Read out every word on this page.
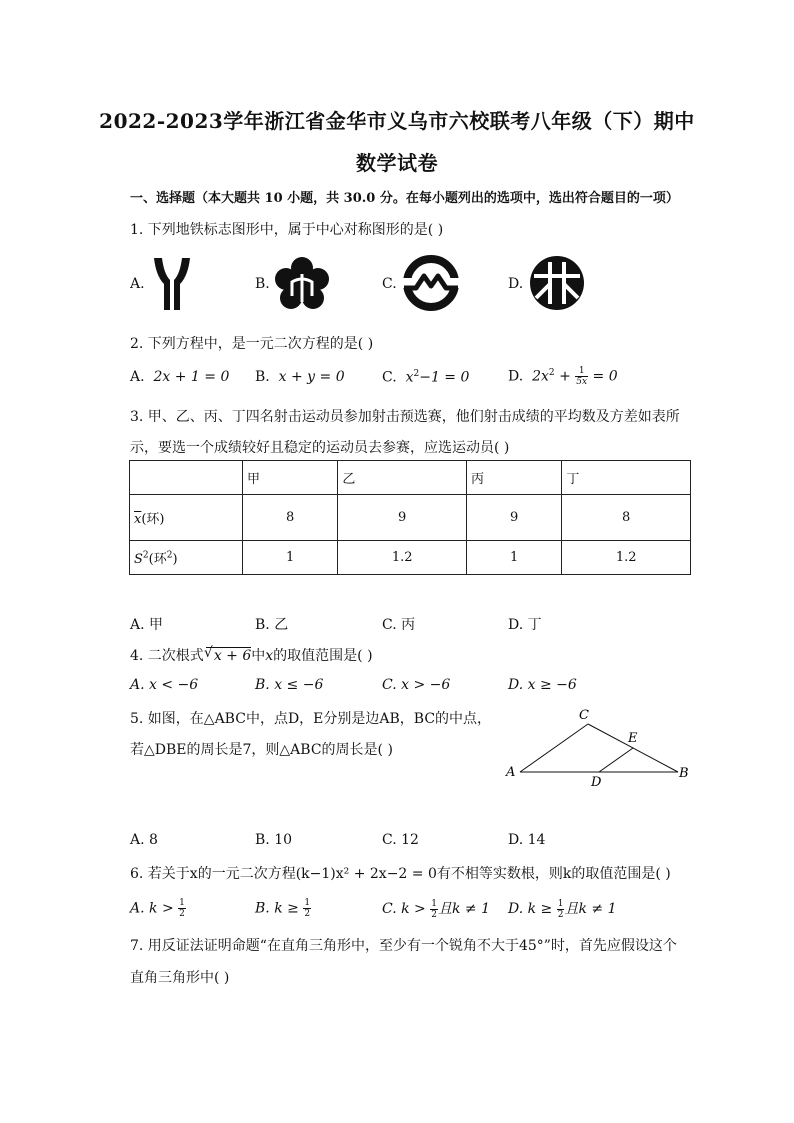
2022-2023学年浙江省金华市义乌市六校联考八年级（下）期中
数学试卷
一、选择题（本大题共 10 小题，共 30.0 分。在每小题列出的选项中，选出符合题目的一项）
1. 下列地铁标志图形中，属于中心对称图形的是( )
A.	B.	C.	D.
2. 下列方程中，是一元二次方程的是( )
A. 2x + 1 = 0 B. x + y = 0	C. $x^2-1 = 0$	D. $2x^2 + \frac{1}{5x} = 0$
3. 甲、乙、丙、丁四名射击运动员参加射击预选赛，他们射击成绩的平均数及方差如表所
示，要选一个成绩较好且稳定的运动员去参赛，应选运动员( )
	甲	乙	丙	丁
$\overline{x}$(环)	8	9	9	8
$S^2$(环$^2$)	1	1.2	1	1.2
A. 甲	B. 乙	C. 丙	D. 丁
4. 二次根式 √ x + 6中x的取值范围是( )
A. x < −6	B. x ≤ −6	C. x > −6	D. x ≥ −6
5. 如图，在△ABC中，点D，E分别是边AB，BC的中点，
若△DBE的周长是7，则△ABC的周长是( )
A	B
C
D
E
A. 8	B. 10	C. 12	D. 14
6. 若关于x的一元二次方程(k−1)x² + 2x−2 = 0有不相等实数根，则k的取值范围是( )
A. $k > \frac{1}{2}$	B. $k \ge \frac{1}{2}$	C. $k > \frac{1}{2}$ 且k ≠ 1 D. $k \ge \frac{1}{2}$ 且k ≠ 1
7. 用反证法证明命题“在直角三角形中，至少有一个锐角不大于45°”时，首先应假设这个
直角三角形中( )
